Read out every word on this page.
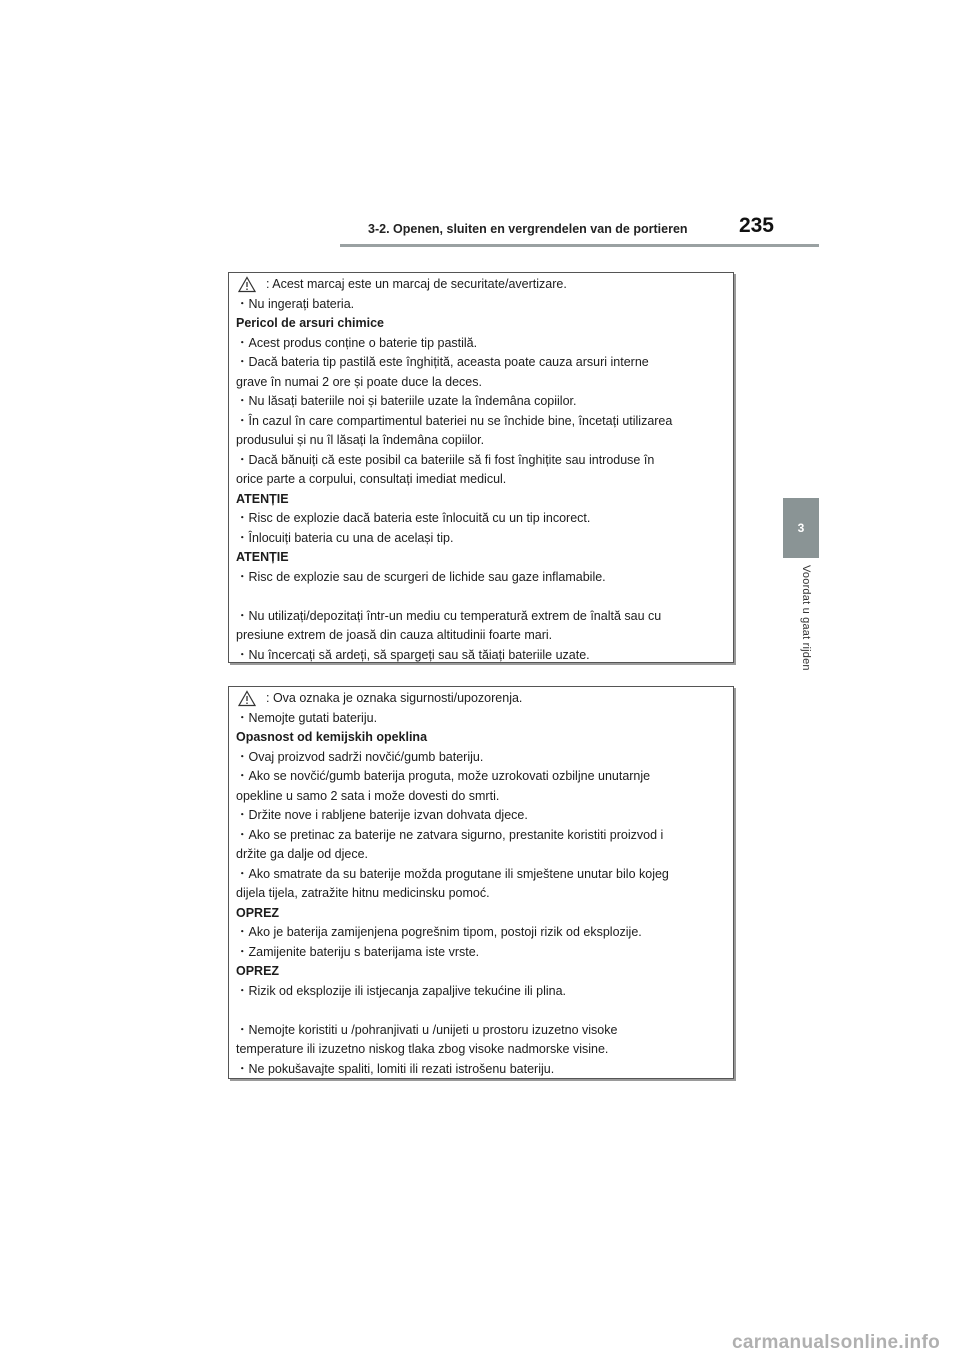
3-2. Openen, sluiten en vergrendelen van de portieren 235
3
Voordat u gaat rijden
: Acest marcaj este un marcaj de securitate/avertizare.
・Nu ingerați bateria.
Pericol de arsuri chimice
・Acest produs conține o baterie tip pastilă.
・Dacă bateria tip pastilă este înghițită, aceasta poate cauza arsuri interne
grave în numai 2 ore și poate duce la deces.
・Nu lăsați bateriile noi și bateriile uzate la îndemâna copiilor.
・În cazul în care compartimentul bateriei nu se închide bine, încetați utilizarea
produsului și nu îl lăsați la îndemâna copiilor.
・Dacă bănuiți că este posibil ca bateriile să fi fost înghițite sau introduse în
orice parte a corpului, consultați imediat medicul.
ATENȚIE
・Risc de explozie dacă bateria este înlocuită cu un tip incorect.
・Înlocuiți bateria cu una de același tip.
ATENȚIE
・Risc de explozie sau de scurgeri de lichide sau gaze inflamabile.
・Nu utilizați/depozitați într-un mediu cu temperatură extrem de înaltă sau cu
presiune extrem de joasă din cauza altitudinii foarte mari.
・Nu încercați să ardeți, să spargeți sau să tăiați bateriile uzate.
: Ova oznaka je oznaka sigurnosti/upozorenja.
・Nemojte gutati bateriju.
Opasnost od kemijskih opeklina
・Ovaj proizvod sadrži novčić/gumb bateriju.
・Ako se novčić/gumb baterija proguta, može uzrokovati ozbiljne unutarnje
opekline u samo 2 sata i može dovesti do smrti.
・Držite nove i rabljene baterije izvan dohvata djece.
・Ako se pretinac za baterije ne zatvara sigurno, prestanite koristiti proizvod i
držite ga dalje od djece.
・Ako smatrate da su baterije možda progutane ili smještene unutar bilo kojeg
dijela tijela, zatražite hitnu medicinsku pomoć.
OPREZ
・Ako je baterija zamijenjena pogrešnim tipom, postoji rizik od eksplozije.
・Zamijenite bateriju s baterijama iste vrste.
OPREZ
・Rizik od eksplozije ili istjecanja zapaljive tekućine ili plina.
・Nemojte koristiti u /pohranjivati u /unijeti u prostoru izuzetno visoke
temperature ili izuzetno niskog tlaka zbog visoke nadmorske visine.
・Ne pokušavajte spaliti, lomiti ili rezati istrošenu bateriju.
carmanualsonline.info
